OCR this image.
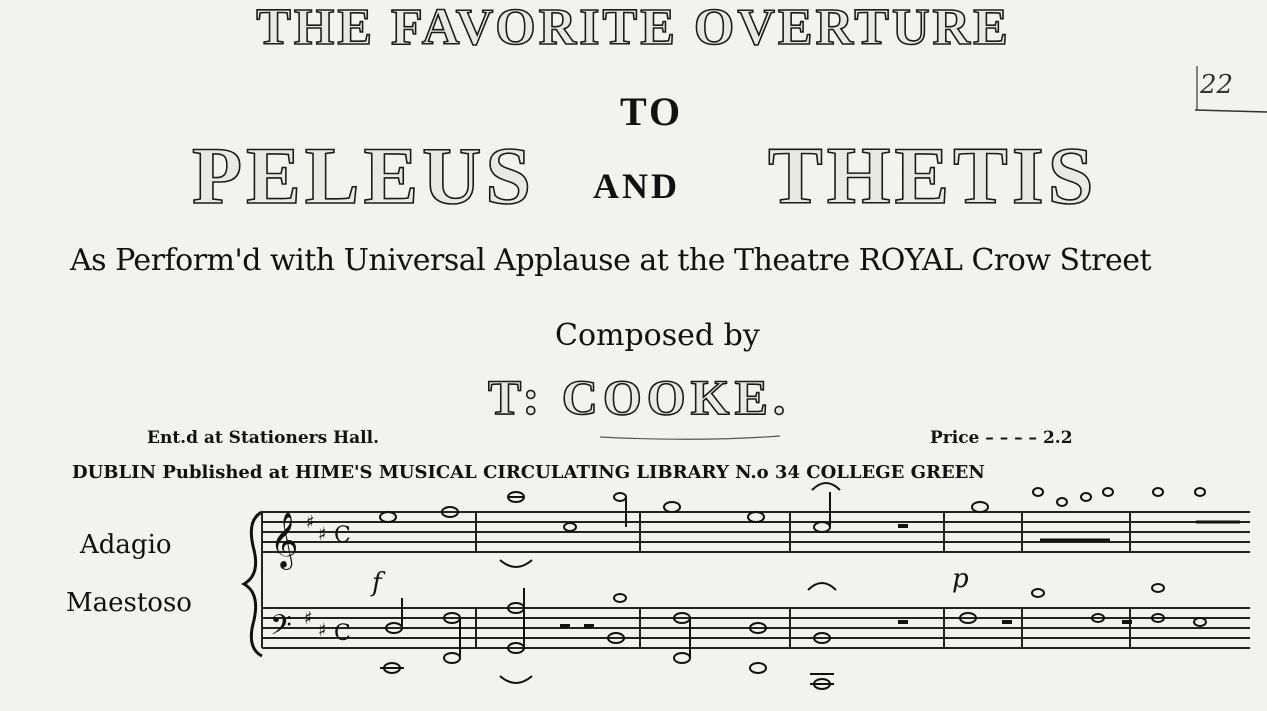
THE FAVORITE OVERTURE
TO
PELEUS AND THETIS
22
As Perform'd with Universal Applause at the Theatre ROYAL Crow Street
Composed by
T: COOKE.
Ent.d at Stationers Hall.	Price – – – – 2.2
DUBLIN Published at HIME'S MUSICAL CIRCULATING LIBRARY N.o 34 COLLEGE GREEN
Adagio
Maestoso
𝄞 ♯
♯ C
𝄢 ♯
♯ C
f	p
